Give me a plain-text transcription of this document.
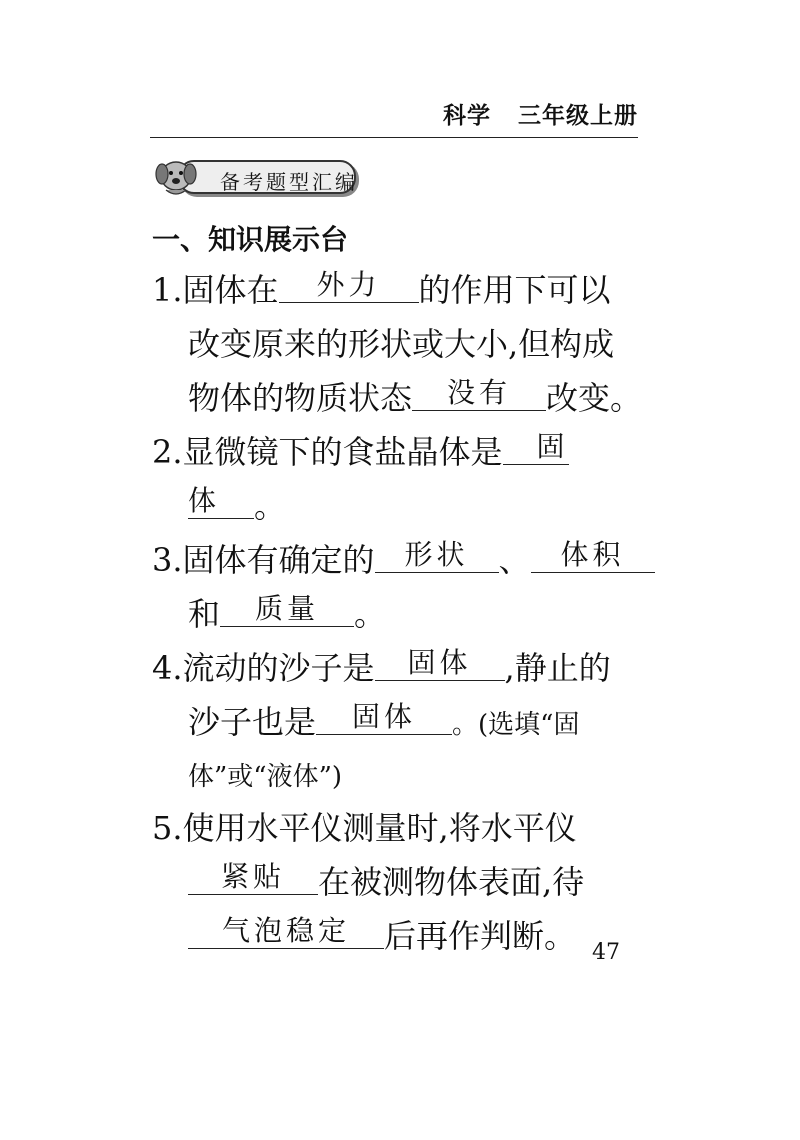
科学   三年级上册
备考题型汇编
一、知识展示台
1.固体在 外力 的作用下可以
改变原来的形状或大小,但构成
物体的物质状态 没有 改变。
2.显微镜下的食盐晶体是 固
体 。
3.固体有确定的 形状 、 体积
和 质量 。
4.流动的沙子是 固体 ,静止的
沙子也是 固体 。(选填“固
体”或“液体”)
5.使用水平仪测量时,将水平仪
紧贴 在被测物体表面,待
气泡稳定 后再作判断。 47
